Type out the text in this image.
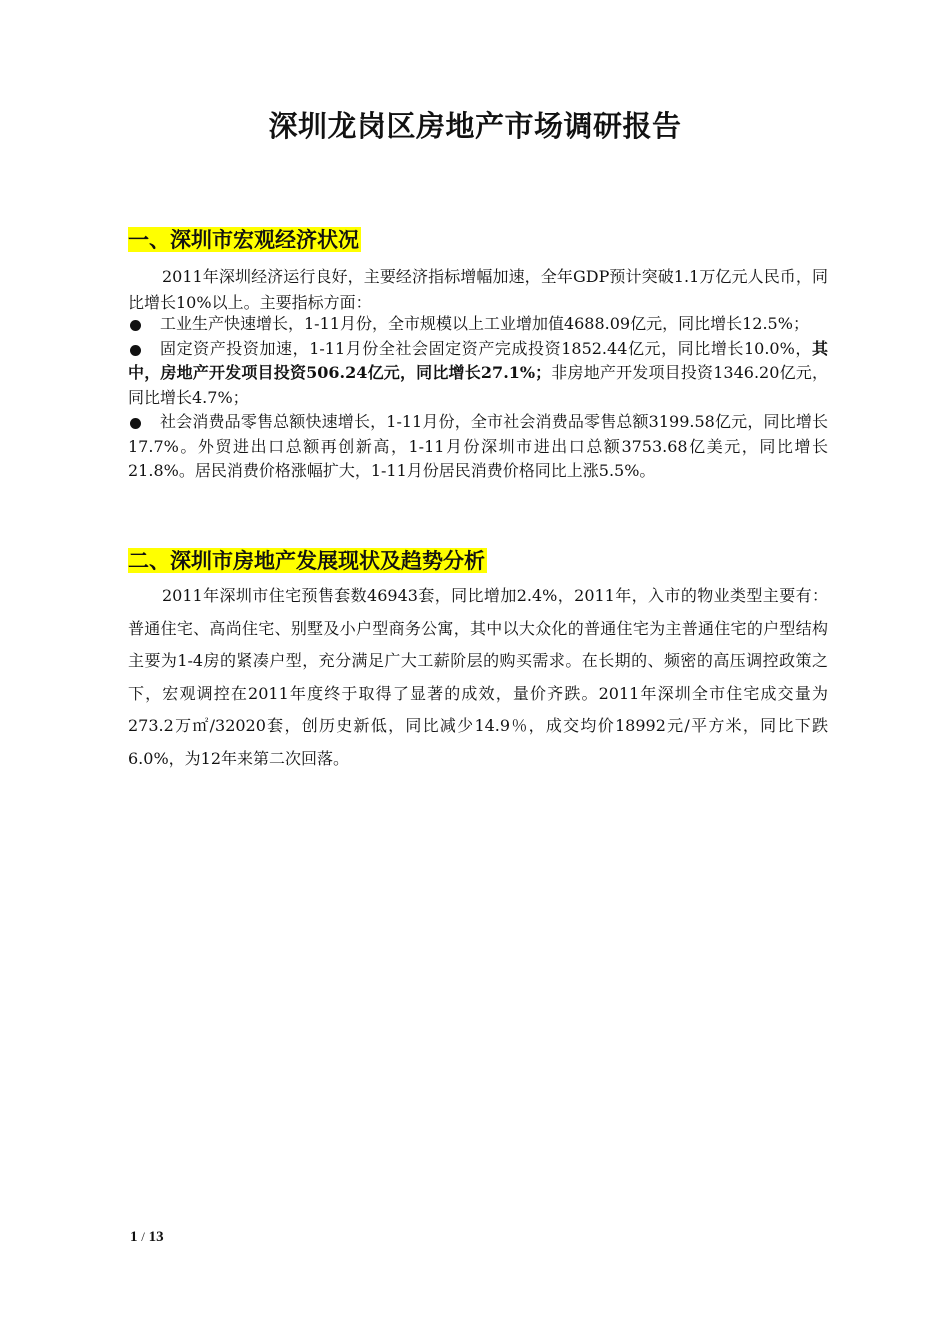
深圳龙岗区房地产市场调研报告
一、深圳市宏观经济状况
2011年深圳经济运行良好，主要经济指标增幅加速，全年GDP预计突破1.1万亿元人民币，同比增长10%以上。主要指标方面：
工业生产快速增长，1-11月份，全市规模以上工业增加值4688.09亿元，同比增长12.5%；
固定资产投资加速，1-11月份全社会固定资产完成投资1852.44亿元，同比增长10.0%，其中，房地产开发项目投资506.24亿元，同比增长27.1%；非房地产开发项目投资1346.20亿元，同比增长4.7%；
社会消费品零售总额快速增长，1-11月份，全市社会消费品零售总额3199.58亿元，同比增长17.7%。外贸进出口总额再创新高，1-11月份深圳市进出口总额3753.68亿美元，同比增长21.8%。居民消费价格涨幅扩大，1-11月份居民消费价格同比上涨5.5%。
二、深圳市房地产发展现状及趋势分析
2011年深圳市住宅预售套数46943套，同比增加2.4%，2011年，入市的物业类型主要有：普通住宅、高尚住宅、别墅及小户型商务公寓，其中以大众化的普通住宅为主普通住宅的户型结构主要为1-4房的紧凑户型，充分满足广大工薪阶层的购买需求。在长期的、频密的高压调控政策之下，宏观调控在2011年度终于取得了显著的成效，量价齐跌。2011年深圳全市住宅成交量为273.2万㎡/32020套，创历史新低，同比减少14.9％，成交均价18992元/平方米，同比下跌6.0%，为12年来第二次回落。
1 / 13
